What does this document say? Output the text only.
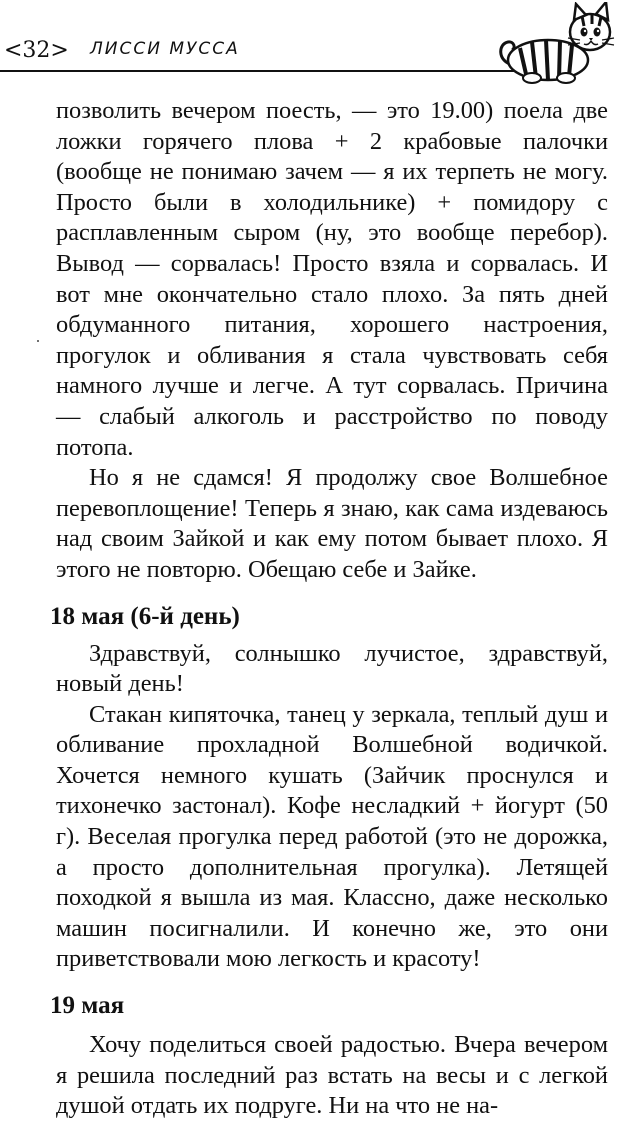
<32> ЛИССИ МУССА

позволить вечером поесть, — это 19.00) поела две ложки горячего плова + 2 крабовые палочки (вообще не понимаю зачем — я их терпеть не могу. Просто были в холодильнике) + помидору с расплавленным сыром (ну, это вообще перебор). Вывод — сорвалась! Просто взяла и сорвалась. И вот мне окончательно стало плохо. За пять дней обдуманного питания, хорошего настроения, прогулок и обливания я стала чувствовать себя намного лучше и легче. А тут сорвалась. Причина — слабый алкоголь и расстройство по поводу потопа.

Но я не сдамся! Я продолжу свое Волшебное перевоплощение! Теперь я знаю, как сама издеваюсь над своим Зайкой и как ему потом бывает плохо. Я этого не повторю. Обещаю себе и Зайке.

18 мая (6-й день)

Здравствуй, солнышко лучистое, здравствуй, новый день!

Стакан кипяточка, танец у зеркала, теплый душ и обливание прохладной Волшебной водичкой. Хочется немного кушать (Зайчик проснулся и тихонечко застонал). Кофе несладкий + йогурт (50 г). Веселая прогулка перед работой (это не дорожка, а просто дополнительная прогулка). Летящей походкой я вышла из мая. Классно, даже несколько машин посигналили. И конечно же, это они приветствовали мою легкость и красоту!

19 мая

Хочу поделиться своей радостью. Вчера вечером я решила последний раз встать на весы и с легкой душой отдать их подруге. Ни на что не на-
